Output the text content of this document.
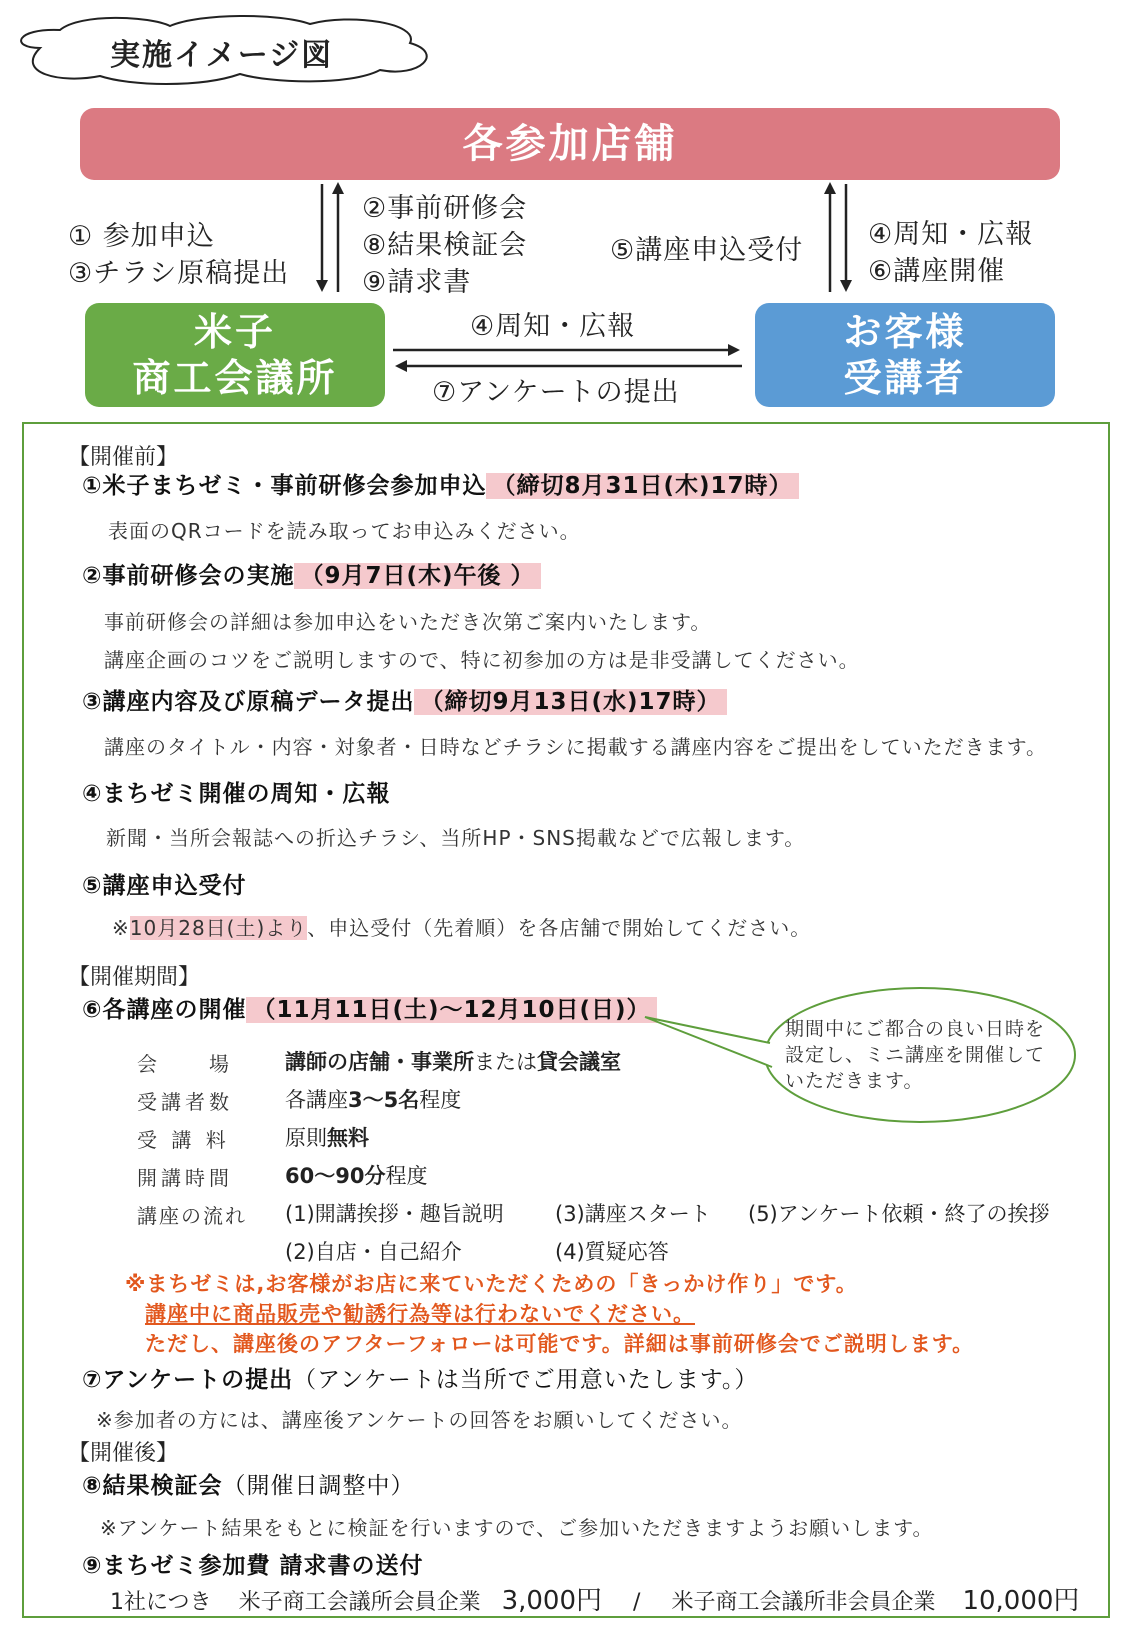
実施イメージ図
各参加店舗
米子
商工会議所
お客様
受講者
① 参加申込
③チラシ原稿提出
②事前研修会
⑧結果検証会
⑨請求書
⑤講座申込受付
④周知・広報
⑥講座開催
④周知・広報
⑦アンケートの提出
【開催前】
①米子まちゼミ・事前研修会参加申込 （締切8月31日(木)17時）
表面のQRコードを読み取ってお申込みください。
②事前研修会の実施 （9月7日(木)午後 ）
事前研修会の詳細は参加申込をいただき次第ご案内いたします。
講座企画のコツをご説明しますので、特に初参加の方は是非受講してください。
③講座内容及び原稿データ提出 （締切9月13日(水)17時）
講座のタイトル・内容・対象者・日時などチラシに掲載する講座内容をご提出をしていただきます。
④まちゼミ開催の周知・広報
新聞・当所会報誌への折込チラシ、当所HP・SNS掲載などで広報します。
⑤講座申込受付
※10月28日(土)より、申込受付（先着順）を各店舗で開始してください。
【開催期間】
⑥各講座の開催 （11月11日(土)～12月10日(日)）
期間中にご都合の良い日時を設定し、ミニ講座を開催していただきます。
会　　場 講師の店舗・事業所または貸会議室
受講者数 各講座3～5名程度
受 講 料	原則無料
開講時間 60～90分程度
講座の流れ (1)開講挨拶・趣旨説明 (3)講座スタート (5)アンケート依頼・終了の挨拶
(2)自店・自己紹介	(4)質疑応答
※まちゼミは,お客様がお店に来ていただくための「きっかけ作り」です。
講座中に商品販売や勧誘行為等は行わないでください。
ただし、講座後のアフターフォローは可能です。詳細は事前研修会でご説明します。
⑦アンケートの提出（アンケートは当所でご用意いたします。）
※参加者の方には、講座後アンケートの回答をお願いしてください。
【開催後】
⑧結果検証会（開催日調整中）
※アンケート結果をもとに検証を行いますので、ご参加いただきますようお願いします。
⑨まちゼミ参加費 請求書の送付
1社につき 米子商工会議所会員企業 3,000円 / 米子商工会議所非会員企業 10,000円
